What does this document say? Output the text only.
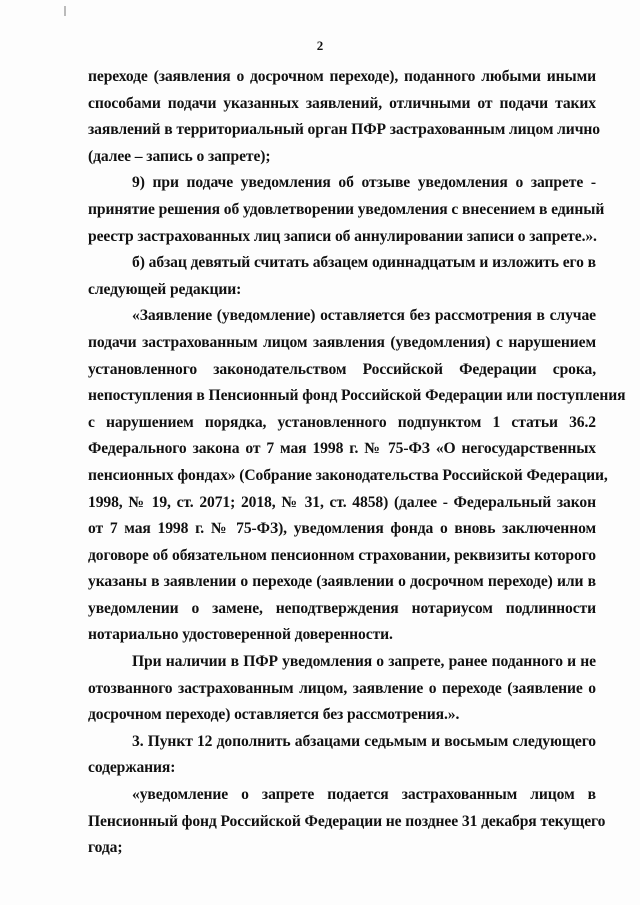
2
переходе (заявления о досрочном переходе), поданного любыми иными
способами подачи указанных заявлений, отличными от подачи таких
заявлений в территориальный орган ПФР застрахованным лицом лично
(далее – запись о запрете);
9) при подаче уведомления об отзыве уведомления о запрете -
принятие решения об удовлетворении уведомления с внесением в единый
реестр застрахованных лиц записи об аннулировании записи о запрете.».
б) абзац девятый считать абзацем одиннадцатым и изложить его в
следующей редакции:
«Заявление (уведомление) оставляется без рассмотрения в случае
подачи застрахованным лицом заявления (уведомления) с нарушением
установленного законодательством Российской Федерации срока,
непоступления в Пенсионный фонд Российской Федерации или поступления
с нарушением порядка, установленного подпунктом 1 статьи 36.2
Федерального закона от 7 мая 1998 г. № 75-ФЗ «О негосударственных
пенсионных фондах» (Собрание законодательства Российской Федерации,
1998, № 19, ст. 2071; 2018, № 31, ст. 4858) (далее - Федеральный закон
от 7 мая 1998 г. № 75-ФЗ), уведомления фонда о вновь заключенном
договоре об обязательном пенсионном страховании, реквизиты которого
указаны в заявлении о переходе (заявлении о досрочном переходе) или в
уведомлении о замене, неподтверждения нотариусом подлинности
нотариально удостоверенной доверенности.
При наличии в ПФР уведомления о запрете, ранее поданного и не
отозванного застрахованным лицом, заявление о переходе (заявление о
досрочном переходе) оставляется без рассмотрения.».
3. Пункт 12 дополнить абзацами седьмым и восьмым следующего
содержания:
«уведомление о запрете подается застрахованным лицом в
Пенсионный фонд Российской Федерации не позднее 31 декабря текущего
года;
